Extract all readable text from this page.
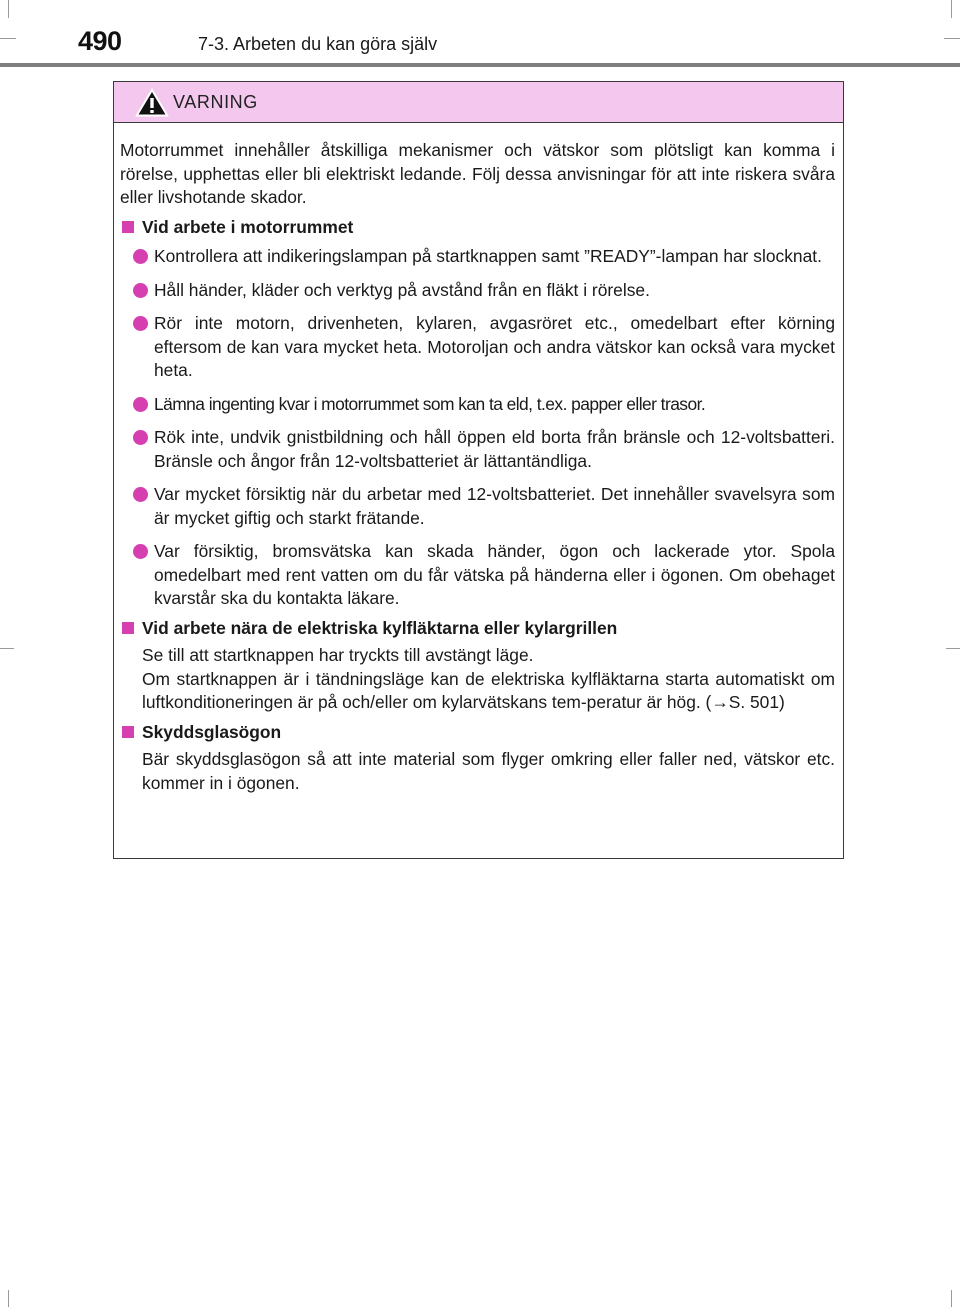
490	7-3. Arbeten du kan göra själv
VARNING

Motorrummet innehåller åtskilliga mekanismer och vätskor som plötsligt kan komma i rörelse, upphettas eller bli elektriskt ledande. Följ dessa anvisningar för att inte riskera svåra eller livshotande skador.

Vid arbete i motorrummet
Kontrollera att indikeringslampan på startknappen samt ”READY”-lampan har slocknat.
Håll händer, kläder och verktyg på avstånd från en fläkt i rörelse.
Rör inte motorn, drivenheten, kylaren, avgasröret etc., omedelbart efter körning eftersom de kan vara mycket heta. Motoroljan och andra vätskor kan också vara mycket heta.
Lämna ingenting kvar i motorrummet som kan ta eld, t.ex. papper eller trasor.
Rök inte, undvik gnistbildning och håll öppen eld borta från bränsle och 12-voltsbatteri. Bränsle och ångor från 12-voltsbatteriet är lättantändliga.
Var mycket försiktig när du arbetar med 12-voltsbatteriet. Det innehåller svavelsyra som är mycket giftig och starkt frätande.
Var försiktig, bromsvätska kan skada händer, ögon och lackerade ytor. Spola omedelbart med rent vatten om du får vätska på händerna eller i ögonen. Om obehaget kvarstår ska du kontakta läkare.
Vid arbete nära de elektriska kylfläktarna eller kylargrillen
Se till att startknappen har tryckts till avstängt läge.
Om startknappen är i tändningsläge kan de elektriska kylfläktarna starta automatiskt om luftkonditioneringen är på och/eller om kylarvätskans tem-peratur är hög. (→S. 501)
Skyddsglasögon
Bär skyddsglasögon så att inte material som flyger omkring eller faller ned, vätskor etc. kommer in i ögonen.
